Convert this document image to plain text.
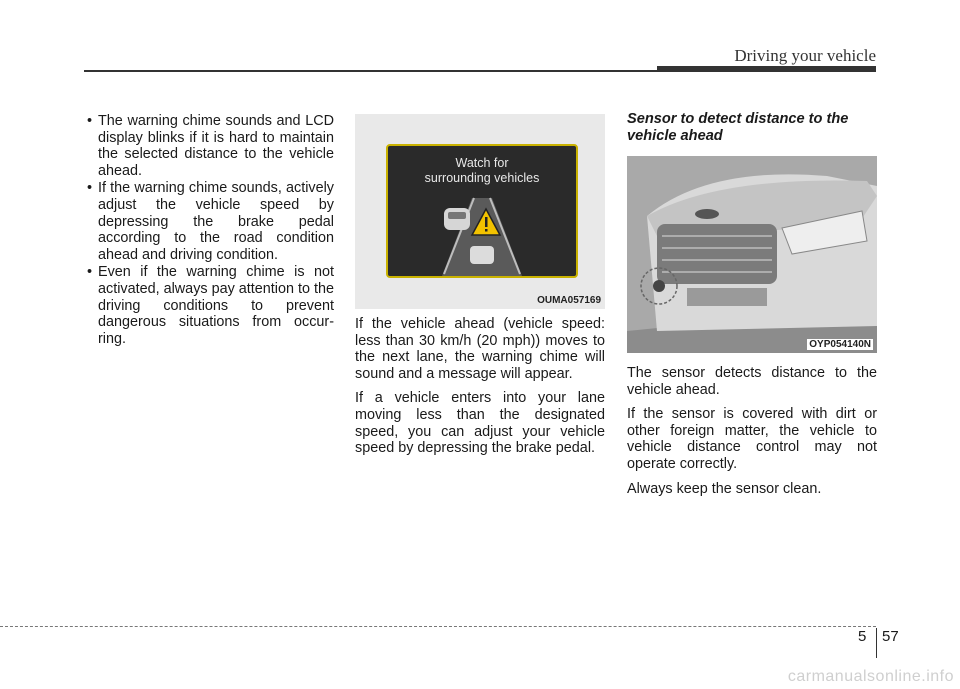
Driving your vehicle
• The warning chime sounds and LCD display blinks if it is hard to maintain the selected distance to the vehicle ahead.
• If the warning chime sounds, actively adjust the vehicle speed by depressing the brake pedal according to the road condition ahead and driving condition.
• Even if the warning chime is not activated, always pay attention to the driving conditions to prevent dangerous situations from occur-ring.
Watch for
surrounding vehicles
OUMA057169

If the vehicle ahead (vehicle speed: less than 30 km/h (20 mph)) moves to the next lane, the warning chime will sound and a message will appear.

If a vehicle enters into your lane moving less than the designated speed, you can adjust your vehicle speed by depressing the brake pedal.

Sensor to detect distance to the vehicle ahead
OYP054140N

The sensor detects distance to the vehicle ahead.

If the sensor is covered with dirt or other foreign matter, the vehicle to vehicle distance control may not operate correctly.

Always keep the sensor clean.

5 57
carmanualsonline.info
